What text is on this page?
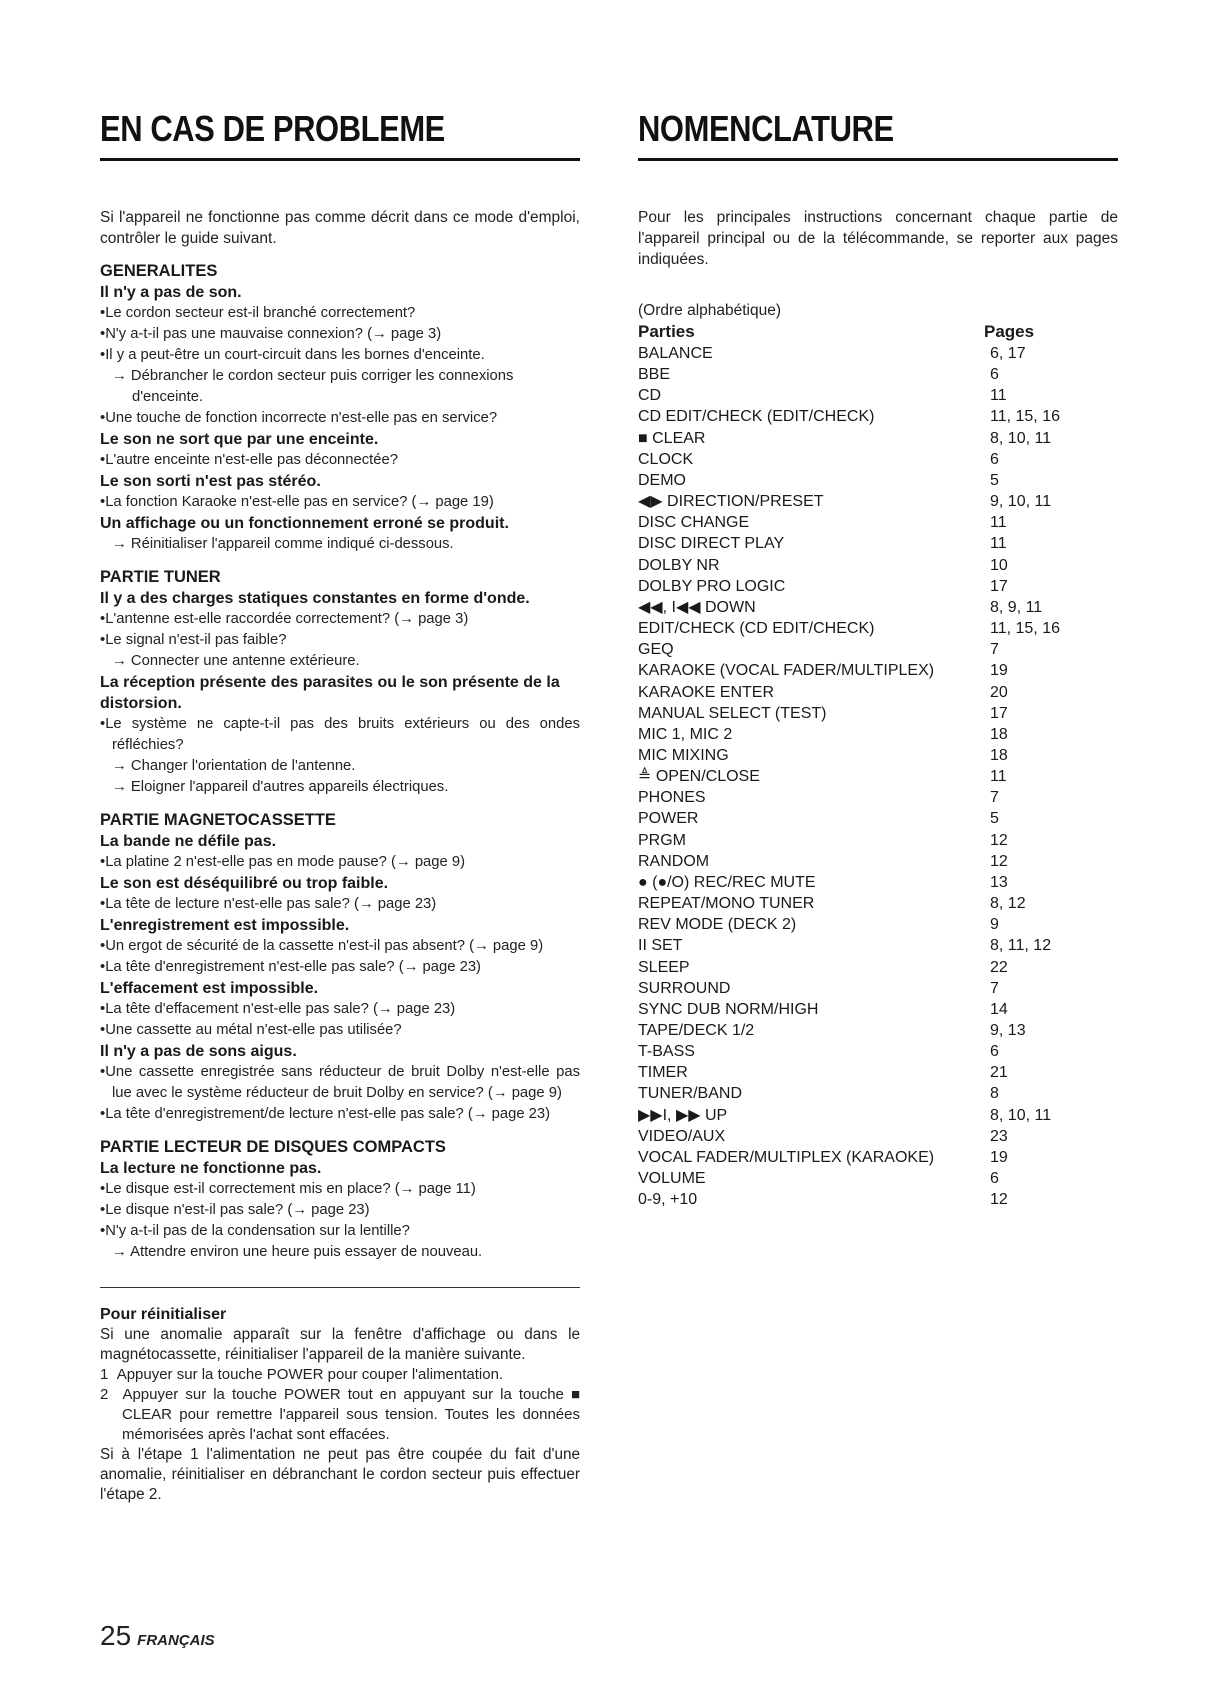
EN CAS DE PROBLEME
Si l'appareil ne fonctionne pas comme décrit dans ce mode d'emploi, contrôler le guide suivant.
GENERALITES
Il n'y a pas de son.
• Le cordon secteur est-il branché correctement?
• N'y a-t-il pas une mauvaise connexion? (→ page 3)
• Il y a peut-être un court-circuit dans les bornes d'enceinte.
→ Débrancher le cordon secteur puis corriger les connexions d'enceinte.
• Une touche de fonction incorrecte n'est-elle pas en service?
Le son ne sort que par une enceinte.
• L'autre enceinte n'est-elle pas déconnectée?
Le son sorti n'est pas stéréo.
• La fonction Karaoke n'est-elle pas en service? (→ page 19)
Un affichage ou un fonctionnement erroné se produit.
→ Réinitialiser l'appareil comme indiqué ci-dessous.
PARTIE TUNER
Il y a des charges statiques constantes en forme d'onde.
• L'antenne est-elle raccordée correctement? (→ page 3)
• Le signal n'est-il pas faible?
→ Connecter une antenne extérieure.
La réception présente des parasites ou le son présente de la distorsion.
• Le système ne capte-t-il pas des bruits extérieurs ou des ondes réfléchies?
→ Changer l'orientation de l'antenne.
→ Eloigner l'appareil d'autres appareils électriques.
PARTIE MAGNETOCASSETTE
La bande ne défile pas.
• La platine 2 n'est-elle pas en mode pause? (→ page 9)
Le son est déséquilibré ou trop faible.
• La tête de lecture n'est-elle pas sale? (→ page 23)
L'enregistrement est impossible.
• Un ergot de sécurité de la cassette n'est-il pas absent? (→ page 9)
• La tête d'enregistrement n'est-elle pas sale? (→ page 23)
L'effacement est impossible.
• La tête d'effacement n'est-elle pas sale? (→ page 23)
• Une cassette au métal n'est-elle pas utilisée?
Il n'y a pas de sons aigus.
• Une cassette enregistrée sans réducteur de bruit Dolby n'est-elle pas lue avec le système réducteur de bruit Dolby en service? (→ page 9)
• La tête d'enregistrement/de lecture n'est-elle pas sale? (→ page 23)
PARTIE LECTEUR DE DISQUES COMPACTS
La lecture ne fonctionne pas.
• Le disque est-il correctement mis en place? (→ page 11)
• Le disque n'est-il pas sale? (→ page 23)
• N'y a-t-il pas de la condensation sur la lentille?
→ Attendre environ une heure puis essayer de nouveau.
Pour réinitialiser
Si une anomalie apparaît sur la fenêtre d'affichage ou dans le magnétocassette, réinitialiser l'appareil de la manière suivante.
1 Appuyer sur la touche POWER pour couper l'alimentation.
2 Appuyer sur la touche POWER tout en appuyant sur la touche ■ CLEAR pour remettre l'appareil sous tension. Toutes les données mémorisées après l'achat sont effacées.
Si à l'étape 1 l'alimentation ne peut pas être coupée du fait d'une anomalie, réinitialiser en débranchant le cordon secteur puis effectuer l'étape 2.
NOMENCLATURE
Pour les principales instructions concernant chaque partie de l'appareil principal ou de la télécommande, se reporter aux pages indiquées.
(Ordre alphabétique)
Parties	Pages
BALANCE	6, 17
BBE	6
CD	11
CD EDIT/CHECK (EDIT/CHECK)	11, 15, 16
■ CLEAR	8, 10, 11
CLOCK	6
DEMO	5
◀▶ DIRECTION/PRESET	9, 10, 11
DISC CHANGE	11
DISC DIRECT PLAY	11
DOLBY NR	10
DOLBY PRO LOGIC	17
◀◀, I◀◀ DOWN	8, 9, 11
EDIT/CHECK (CD EDIT/CHECK)	11, 15, 16
GEQ	7
KARAOKE (VOCAL FADER/MULTIPLEX)	19
KARAOKE ENTER	20
MANUAL SELECT (TEST)	17
MIC 1, MIC 2	18
MIC MIXING	18
≜ OPEN/CLOSE	11
PHONES	7
POWER	5
PRGM	12
RANDOM	12
● (●/O) REC/REC MUTE	13
REPEAT/MONO TUNER	8, 12
REV MODE (DECK 2)	9
II SET	8, 11, 12
SLEEP	22
SURROUND	7
SYNC DUB NORM/HIGH	14
TAPE/DECK 1/2	9, 13
T-BASS	6
TIMER	21
TUNER/BAND	8
▶▶I, ▶▶ UP	8, 10, 11
VIDEO/AUX	23
VOCAL FADER/MULTIPLEX (KARAOKE)	19
VOLUME	6
0-9, +10	12
25 FRANÇAIS
